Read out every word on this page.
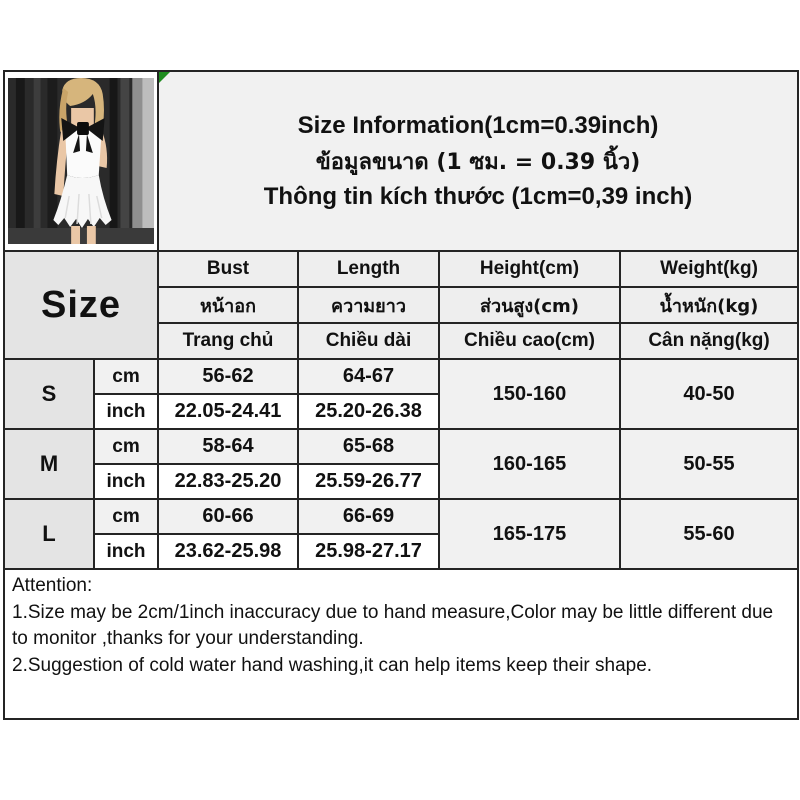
Size Information(1cm=0.39inch)
ข้อมูลขนาด (1 ซม. = 0.39 นิ้ว)
Thông tin kích thước (1cm=0,39 inch)			

Size		Bust	Length	Height(cm)	Weight(kg)
		หน้าอก	ความยาว	ส่วนสูง(cm)	น้ำหนัก(kg)
		Trang chủ	Chiều dài	Chiều cao(cm)	Cân nặng(kg)
S	cm	56-62	64-67	150-160	40-50
	inch	22.05-24.41	25.20-26.38		
M	cm	58-64	65-68	160-165	50-55
	inch	22.83-25.20	25.59-26.77		
L	cm	60-66	66-69	165-175	55-60
	inch	23.62-25.98	25.98-27.17		

Attention:
1.Size may be 2cm/1inch inaccuracy due to hand measure,Color may be little different due to monitor ,thanks for your understanding.
2.Suggestion of cold water hand washing,it can help items keep their shape.					
